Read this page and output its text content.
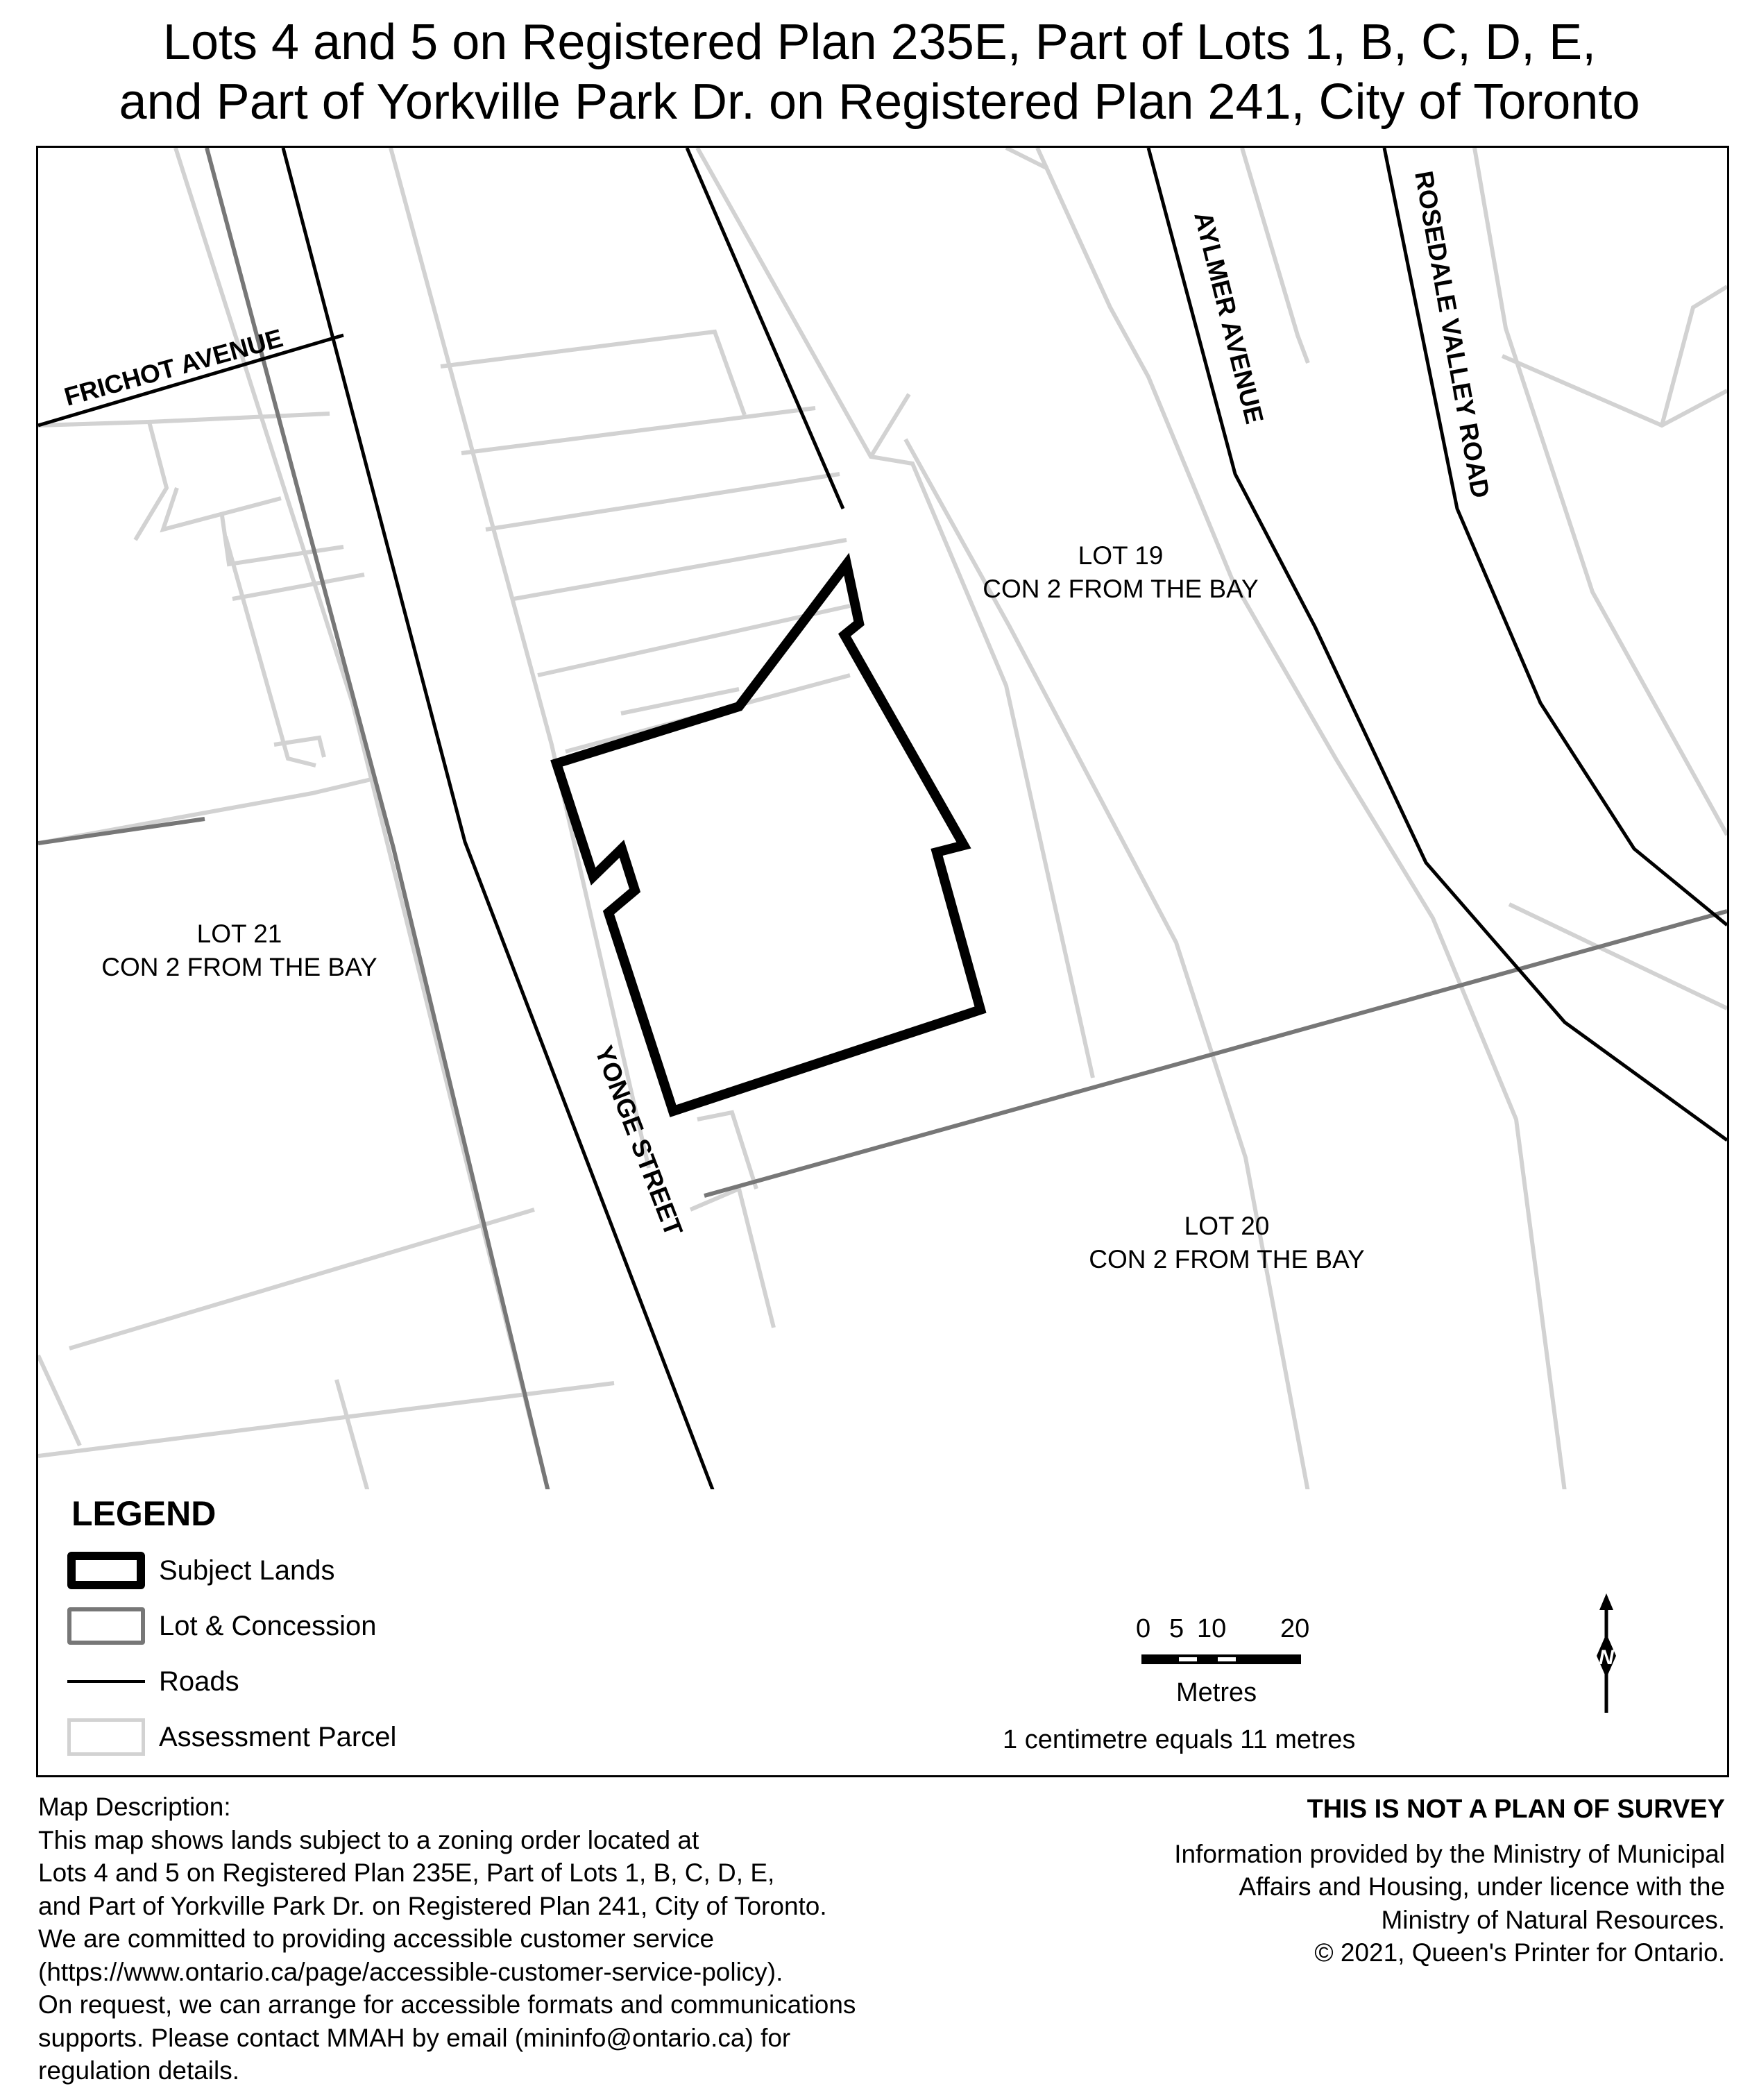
Lots 4 and 5 on Registered Plan 235E, Part of Lots 1, B, C, D, E,
and Part of Yorkville Park Dr. on Registered Plan 241, City of Toronto
FRICHOT AVENUE	AYLMER AVENUE	ROSEDALE VALLEY ROAD
YONGE STREET
LOT 19
CON 2 FROM THE BAY
LOT 21
CON 2 FROM THE BAY
LOT 20
CON 2 FROM THE BAY
LEGEND
Subject Lands
Lot & Concession
Roads
Assessment Parcel
0 5 10 20
Metres
1 centimetre equals 11 metres
N
Map Description:
This map shows lands subject to a zoning order located at
Lots 4 and 5 on Registered Plan 235E, Part of Lots 1, B, C, D, E,
and Part of Yorkville Park Dr. on Registered Plan 241, City of Toronto.
We are committed to providing accessible customer service
(https://www.ontario.ca/page/accessible-customer-service-policy).
On request, we can arrange for accessible formats and communications
supports. Please contact MMAH by email (mininfo@ontario.ca) for
regulation details.
THIS IS NOT A PLAN OF SURVEY
Information provided by the Ministry of Municipal
Affairs and Housing, under licence with the
Ministry of Natural Resources.
© 2021, Queen's Printer for Ontario.
